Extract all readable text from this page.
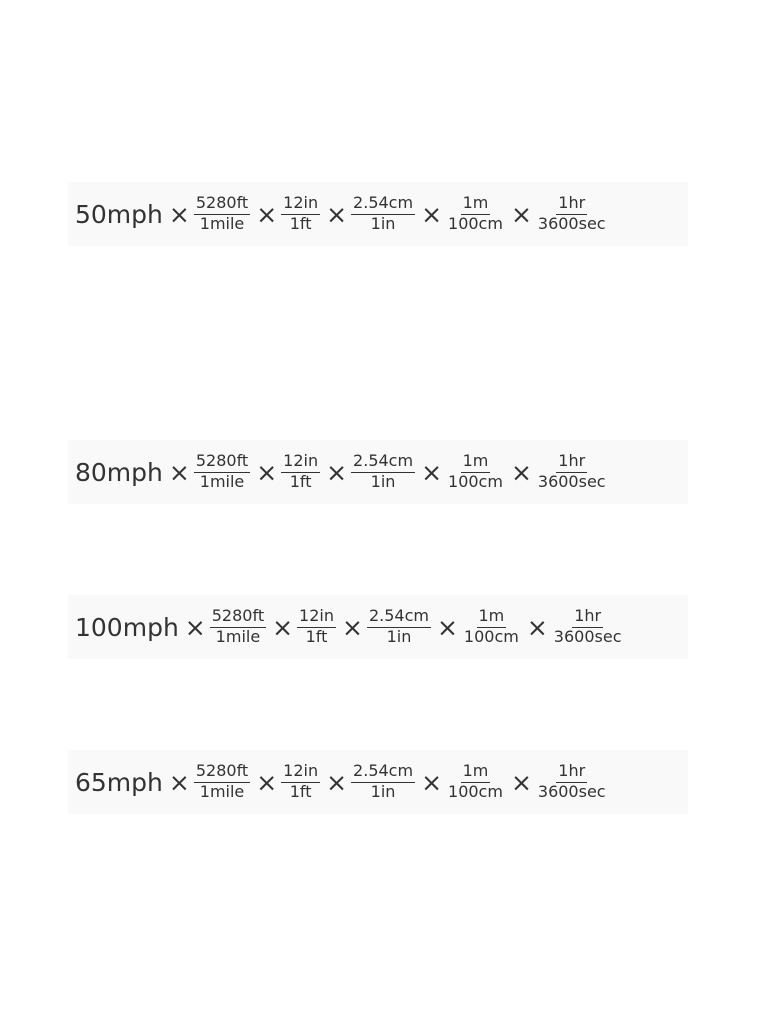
$50mph \times \frac{5280ft}{\text{1mile}} \times \frac{12in}{1ft} \times \frac{2.54cm}{1in} \times \frac{1m}{100cm} \times \frac{1hr}{3600\sec}$
$80mph \times \frac{5280ft}{\text{1mile}} \times \frac{12in}{1ft} \times \frac{2.54cm}{1in} \times \frac{1m}{100cm} \times \frac{1hr}{3600\sec}$
$100mph \times \frac{5280ft}{\text{1mile}} \times \frac{12in}{1ft} \times \frac{2.54cm}{1in} \times \frac{1m}{100cm} \times \frac{1hr}{3600\sec}$
$65mph \times \frac{5280ft}{\text{1mile}} \times \frac{12in}{1ft} \times \frac{2.54cm}{1in} \times \frac{1m}{100cm} \times \frac{1hr}{3600\sec}$
